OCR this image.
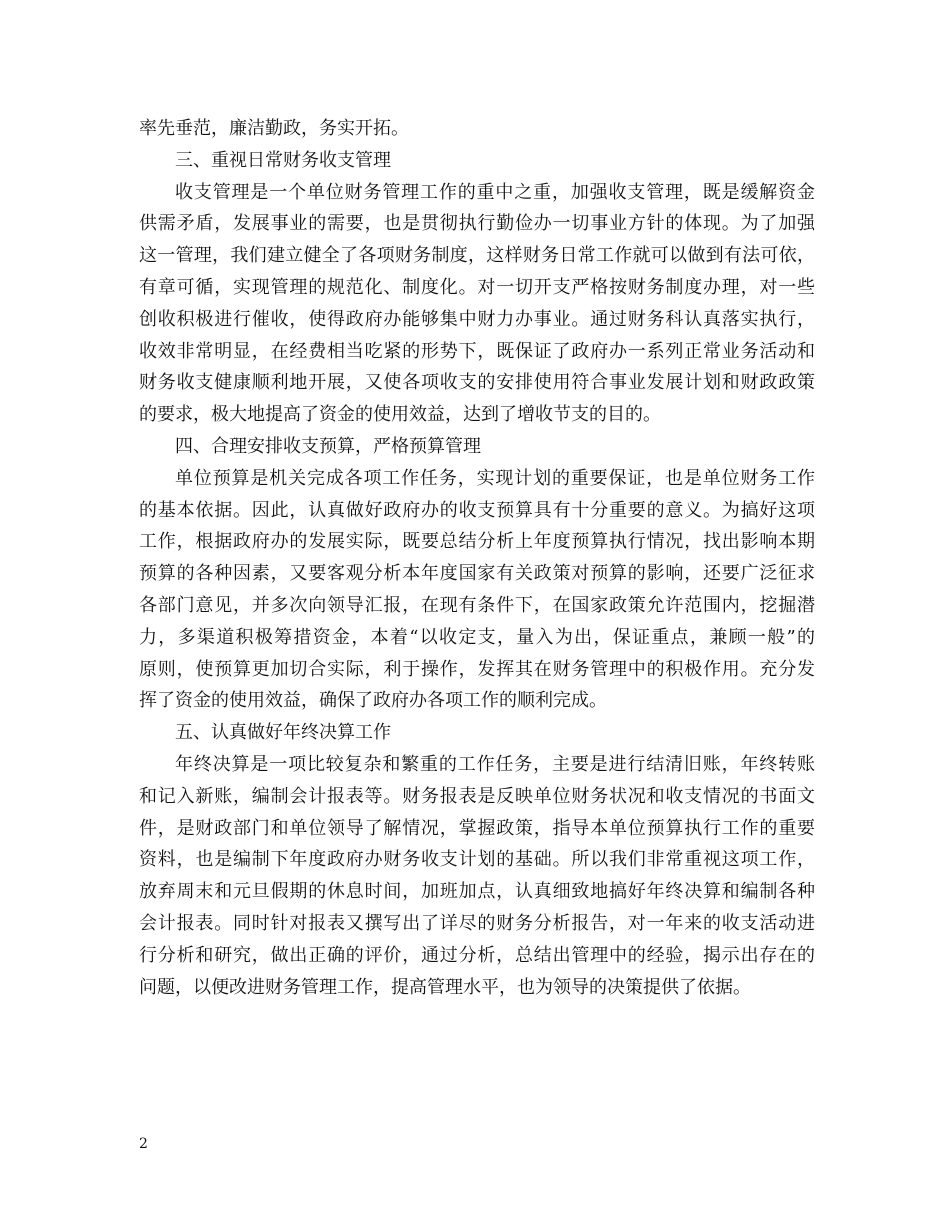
率先垂范，廉洁勤政，务实开拓。
三、重视日常财务收支管理
收支管理是一个单位财务管理工作的重中之重，加强收支管理，既是缓解资金
供需矛盾，发展事业的需要，也是贯彻执行勤俭办一切事业方针的体现。为了加强
这一管理，我们建立健全了各项财务制度，这样财务日常工作就可以做到有法可依，
有章可循，实现管理的规范化、制度化。对一切开支严格按财务制度办理，对一些
创收积极进行催收，使得政府办能够集中财力办事业。通过财务科认真落实执行，
收效非常明显，在经费相当吃紧的形势下，既保证了政府办一系列正常业务活动和
财务收支健康顺利地开展，又使各项收支的安排使用符合事业发展计划和财政政策
的要求，极大地提高了资金的使用效益，达到了增收节支的目的。
四、合理安排收支预算，严格预算管理
单位预算是机关完成各项工作任务，实现计划的重要保证，也是单位财务工作
的基本依据。因此，认真做好政府办的收支预算具有十分重要的意义。为搞好这项
工作，根据政府办的发展实际，既要总结分析上年度预算执行情况，找出影响本期
预算的各种因素，又要客观分析本年度国家有关政策对预算的影响，还要广泛征求
各部门意见，并多次向领导汇报，在现有条件下，在国家政策允许范围内，挖掘潜
力，多渠道积极筹措资金，本着“以收定支，量入为出，保证重点，兼顾一般”的
原则，使预算更加切合实际，利于操作，发挥其在财务管理中的积极作用。充分发
挥了资金的使用效益，确保了政府办各项工作的顺利完成。
五、认真做好年终决算工作
年终决算是一项比较复杂和繁重的工作任务，主要是进行结清旧账，年终转账
和记入新账，编制会计报表等。财务报表是反映单位财务状况和收支情况的书面文
件，是财政部门和单位领导了解情况，掌握政策，指导本单位预算执行工作的重要
资料，也是编制下年度政府办财务收支计划的基础。所以我们非常重视这项工作，
放弃周末和元旦假期的休息时间，加班加点，认真细致地搞好年终决算和编制各种
会计报表。同时针对报表又撰写出了详尽的财务分析报告，对一年来的收支活动进
行分析和研究，做出正确的评价，通过分析，总结出管理中的经验，揭示出存在的
问题，以便改进财务管理工作，提高管理水平，也为领导的决策提供了依据。
2
